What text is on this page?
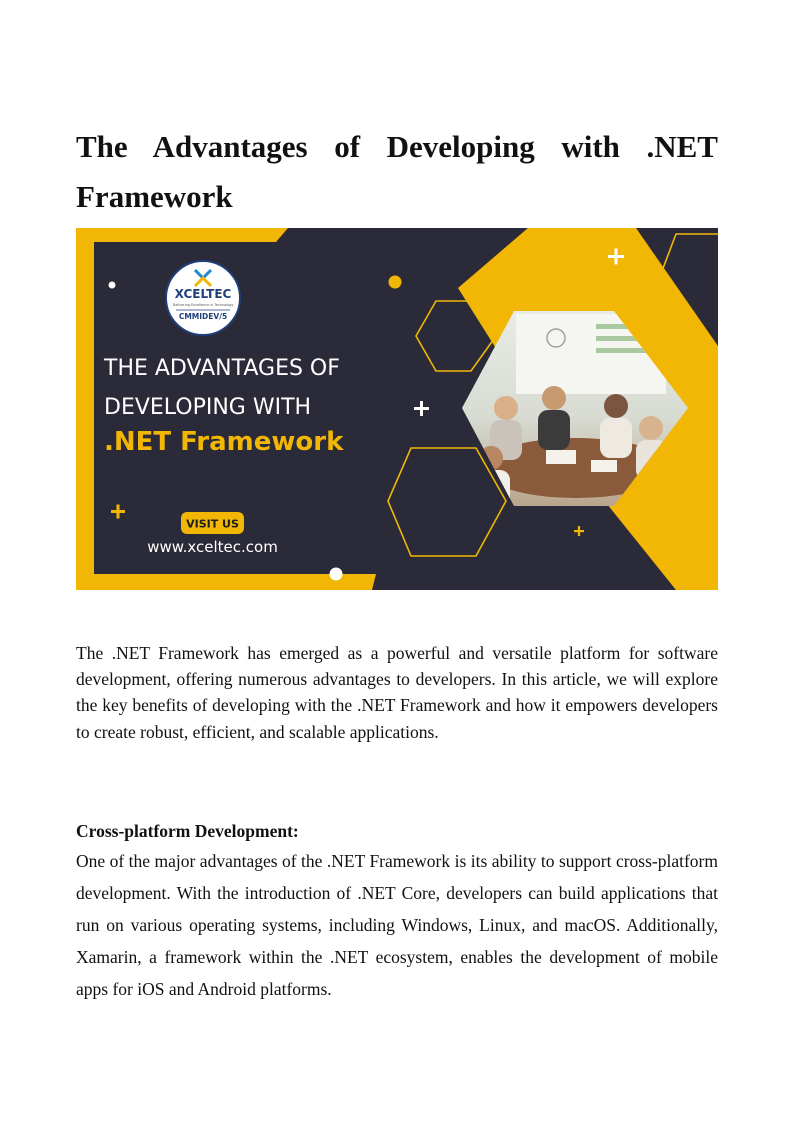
The Advantages of Developing with .NET Framework
XCELTEC
Delivering Excellence in Technology
CMMIDEV/5
THE ADVANTAGES OF
DEVELOPING WITH
.NET Framework
VISIT US
www.xceltec.com

The .NET Framework has emerged as a powerful and versatile platform for software development, offering numerous advantages to developers. In this article, we will explore the key benefits of developing with the .NET Framework and how it empowers developers to create robust, efficient, and scalable applications.

Cross-platform Development:

One of the major advantages of the .NET Framework is its ability to support cross-platform development. With the introduction of .NET Core, developers can build applications that run on various operating systems, including Windows, Linux, and macOS. Additionally, Xamarin, a framework within the .NET ecosystem, enables the development of mobile apps for iOS and Android platforms.
